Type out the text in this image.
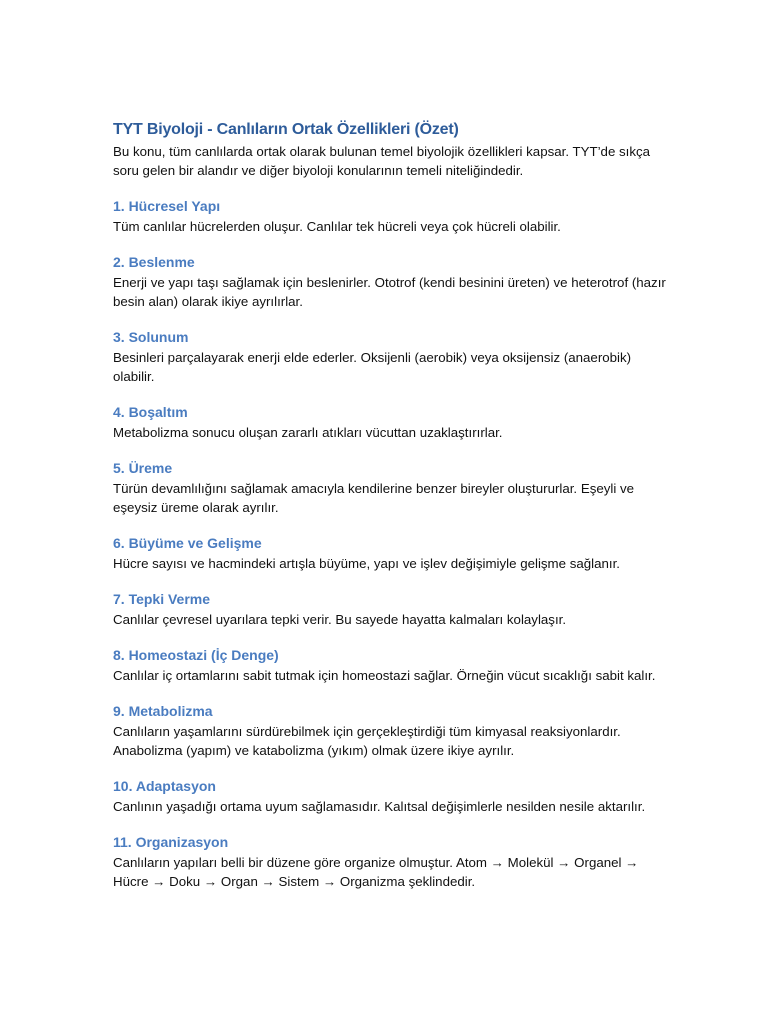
TYT Biyoloji - Canlıların Ortak Özellikleri (Özet)

Bu konu, tüm canlılarda ortak olarak bulunan temel biyolojik özellikleri kapsar. TYT’de sıkça soru gelen bir alandır ve diğer biyoloji konularının temeli niteliğindedir.

1. Hücresel Yapı

Tüm canlılar hücrelerden oluşur. Canlılar tek hücreli veya çok hücreli olabilir.

2. Beslenme

Enerji ve yapı taşı sağlamak için beslenirler. Ototrof (kendi besinini üreten) ve heterotrof (hazır besin alan) olarak ikiye ayrılırlar.

3. Solunum

Besinleri parçalayarak enerji elde ederler. Oksijenli (aerobik) veya oksijensiz (anaerobik) olabilir.

4. Boşaltım

Metabolizma sonucu oluşan zararlı atıkları vücuttan uzaklaştırırlar.

5. Üreme

Türün devamlılığını sağlamak amacıyla kendilerine benzer bireyler oluştururlar. Eşeyli ve eşeysiz üreme olarak ayrılır.

6. Büyüme ve Gelişme

Hücre sayısı ve hacmindeki artışla büyüme, yapı ve işlev değişimiyle gelişme sağlanır.

7. Tepki Verme

Canlılar çevresel uyarılara tepki verir. Bu sayede hayatta kalmaları kolaylaşır.

8. Homeostazi (İç Denge)

Canlılar iç ortamlarını sabit tutmak için homeostazi sağlar. Örneğin vücut sıcaklığı sabit kalır.

9. Metabolizma

Canlıların yaşamlarını sürdürebilmek için gerçekleştirdiği tüm kimyasal reaksiyonlardır. Anabolizma (yapım) ve katabolizma (yıkım) olmak üzere ikiye ayrılır.

10. Adaptasyon

Canlının yaşadığı ortama uyum sağlamasıdır. Kalıtsal değişimlerle nesilden nesile aktarılır.

11. Organizasyon

Canlıların yapıları belli bir düzene göre organize olmuştur. Atom → Molekül → Organel → Hücre → Doku → Organ → Sistem → Organizma şeklindedir.
